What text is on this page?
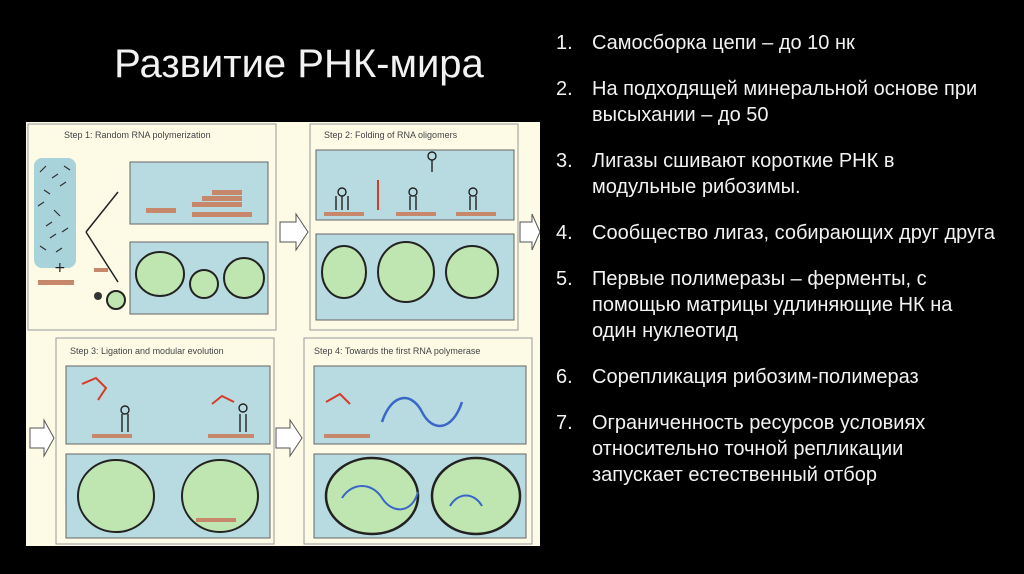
Развитие РНК-мира	1. Самосборка цепи – до 10 нк
2. На подходящей минеральной основе при высыхании – до 50
3. Лигазы сшивают короткие РНК в модульные рибозимы.
4. Сообщество лигаз, собирающих друг друга
5. Первые полимеразы – ферменты, с помощью матрицы удлиняющие НК на один нуклеотид
6. Сорепликация рибозим-полимераз
7. Ограниченность ресурсов условиях относительно точной репликации запускает естественный отбор
Step 1: Random RNA polymerization
+
Step 2: Folding of RNA oligomers
Step 3: Ligation and modular evolution	Step 4: Towards the first RNA polymerase
